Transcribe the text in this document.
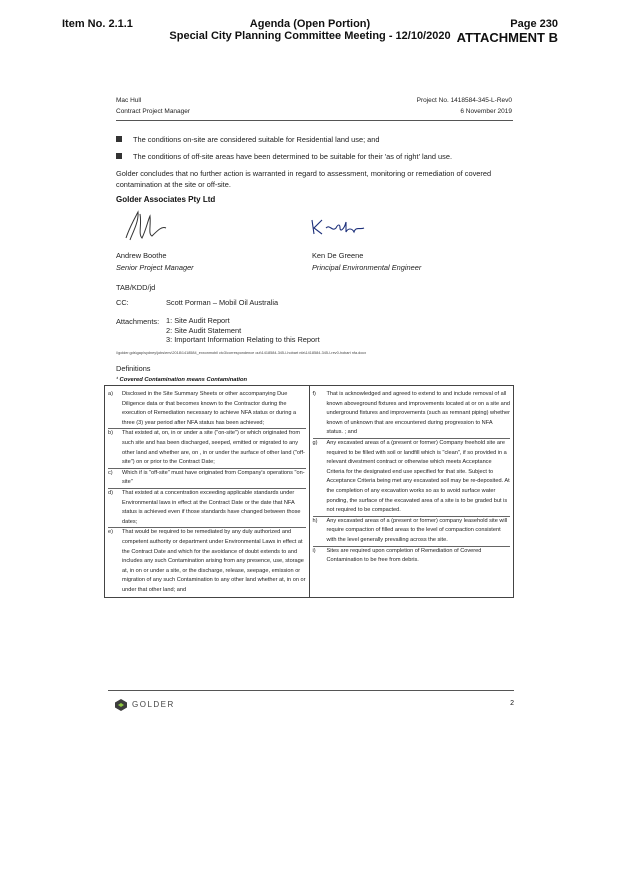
Item No. 2.1.1	Agenda (Open Portion)
Special City Planning Committee Meeting - 12/10/2020
Page 230
ATTACHMENT B
Mac Hull
Contract Project Manager
Project No. 1418584-345-L-Rev0
6 November 2019
The conditions on-site are considered suitable for Residential land use; and
The conditions of off-site areas have been determined to be suitable for their 'as of right' land use.
Golder concludes that no further action is warranted in regard to assessment, monitoring or remediation of covered contamination at the site or off-site.
Golder Associates Pty Ltd
Andrew Boothe
Senior Project Manager
Ken De Greene
Principal Environmental Engineer
TAB/KDD/jd
CC:	Scott Porman – Mobil Oil Australia
Attachments: 1: Site Audit Report
2: Site Audit Statement
3: Important Information Relating to this Report
\\golder.gds\gap\sydney\jobs\env\2018\1418584_exxonmobil ctc3\correspondence out\1418584-345-l-hobart nfa\1418584-345-l-rev0-hobart nfa.docx
Definitions
¹ Covered Contamination means Contamination
a)	Disclosed in the Site Summary Sheets or other accompanying Due Diligence data or that becomes known to the Contractor during the execution of Remediation necessary to achieve NFA status or during a three (3) year period after NFA status has been achieved;
b)	That existed at, on, in or under a site ("on-site") or which originated from such site and has been discharged, seeped, emitted or migrated to any other land and whether are, on , in or under the surface of other land ("off-site") on or prior to the Contract Date;
c)	Which if is "off-site" must have originated from Company's operations "on-site"
d)	That existed at a concentration exceeding applicable standards under Environmental laws in effect at the Contract Date or the date that NFA status is achieved even if those standards have changed between those dates;
e)	That would be required to be remediated by any duly authorized and competent authority or department under Environmental Laws in effect at the Contract Date and which for the avoidance of doubt extends to and includes any such Contamination arising from any presence, use, storage at, in on or under a site, or the discharge, release, seepage, emission or migration of any such Contamination to any other land whether at, in on or under that other land; and

f)	That is acknowledged and agreed to extend to and include removal of all known aboveground fixtures and improvements located at or on a site and underground fixtures and improvements (such as remnant piping) whether known of unknown that are encountered during progression to NFA status. ; and
g)	Any excavated areas of a (present or former) Company freehold site are required to be filled with soil or landfill which is "clean", if so provided in a relevant divestment contract or otherwise which meets Acceptance Criteria for the designated end use specified for that site. Subject to Acceptance Criteria being met any excavated soil may be re-deposited. At the completion of any excavation works so as to avoid surface water ponding, the surface of the excavated area of a site is to be graded but is not required to be compacted.
h)	Any excavated areas of a (present or former) company leasehold site will require compaction of filled areas to the level of compaction consistent with the level generally prevailing across the site.
i)	Sites are required upon completion of Remediation of Covered Contamination to be free from debris.
GOLDER	2
